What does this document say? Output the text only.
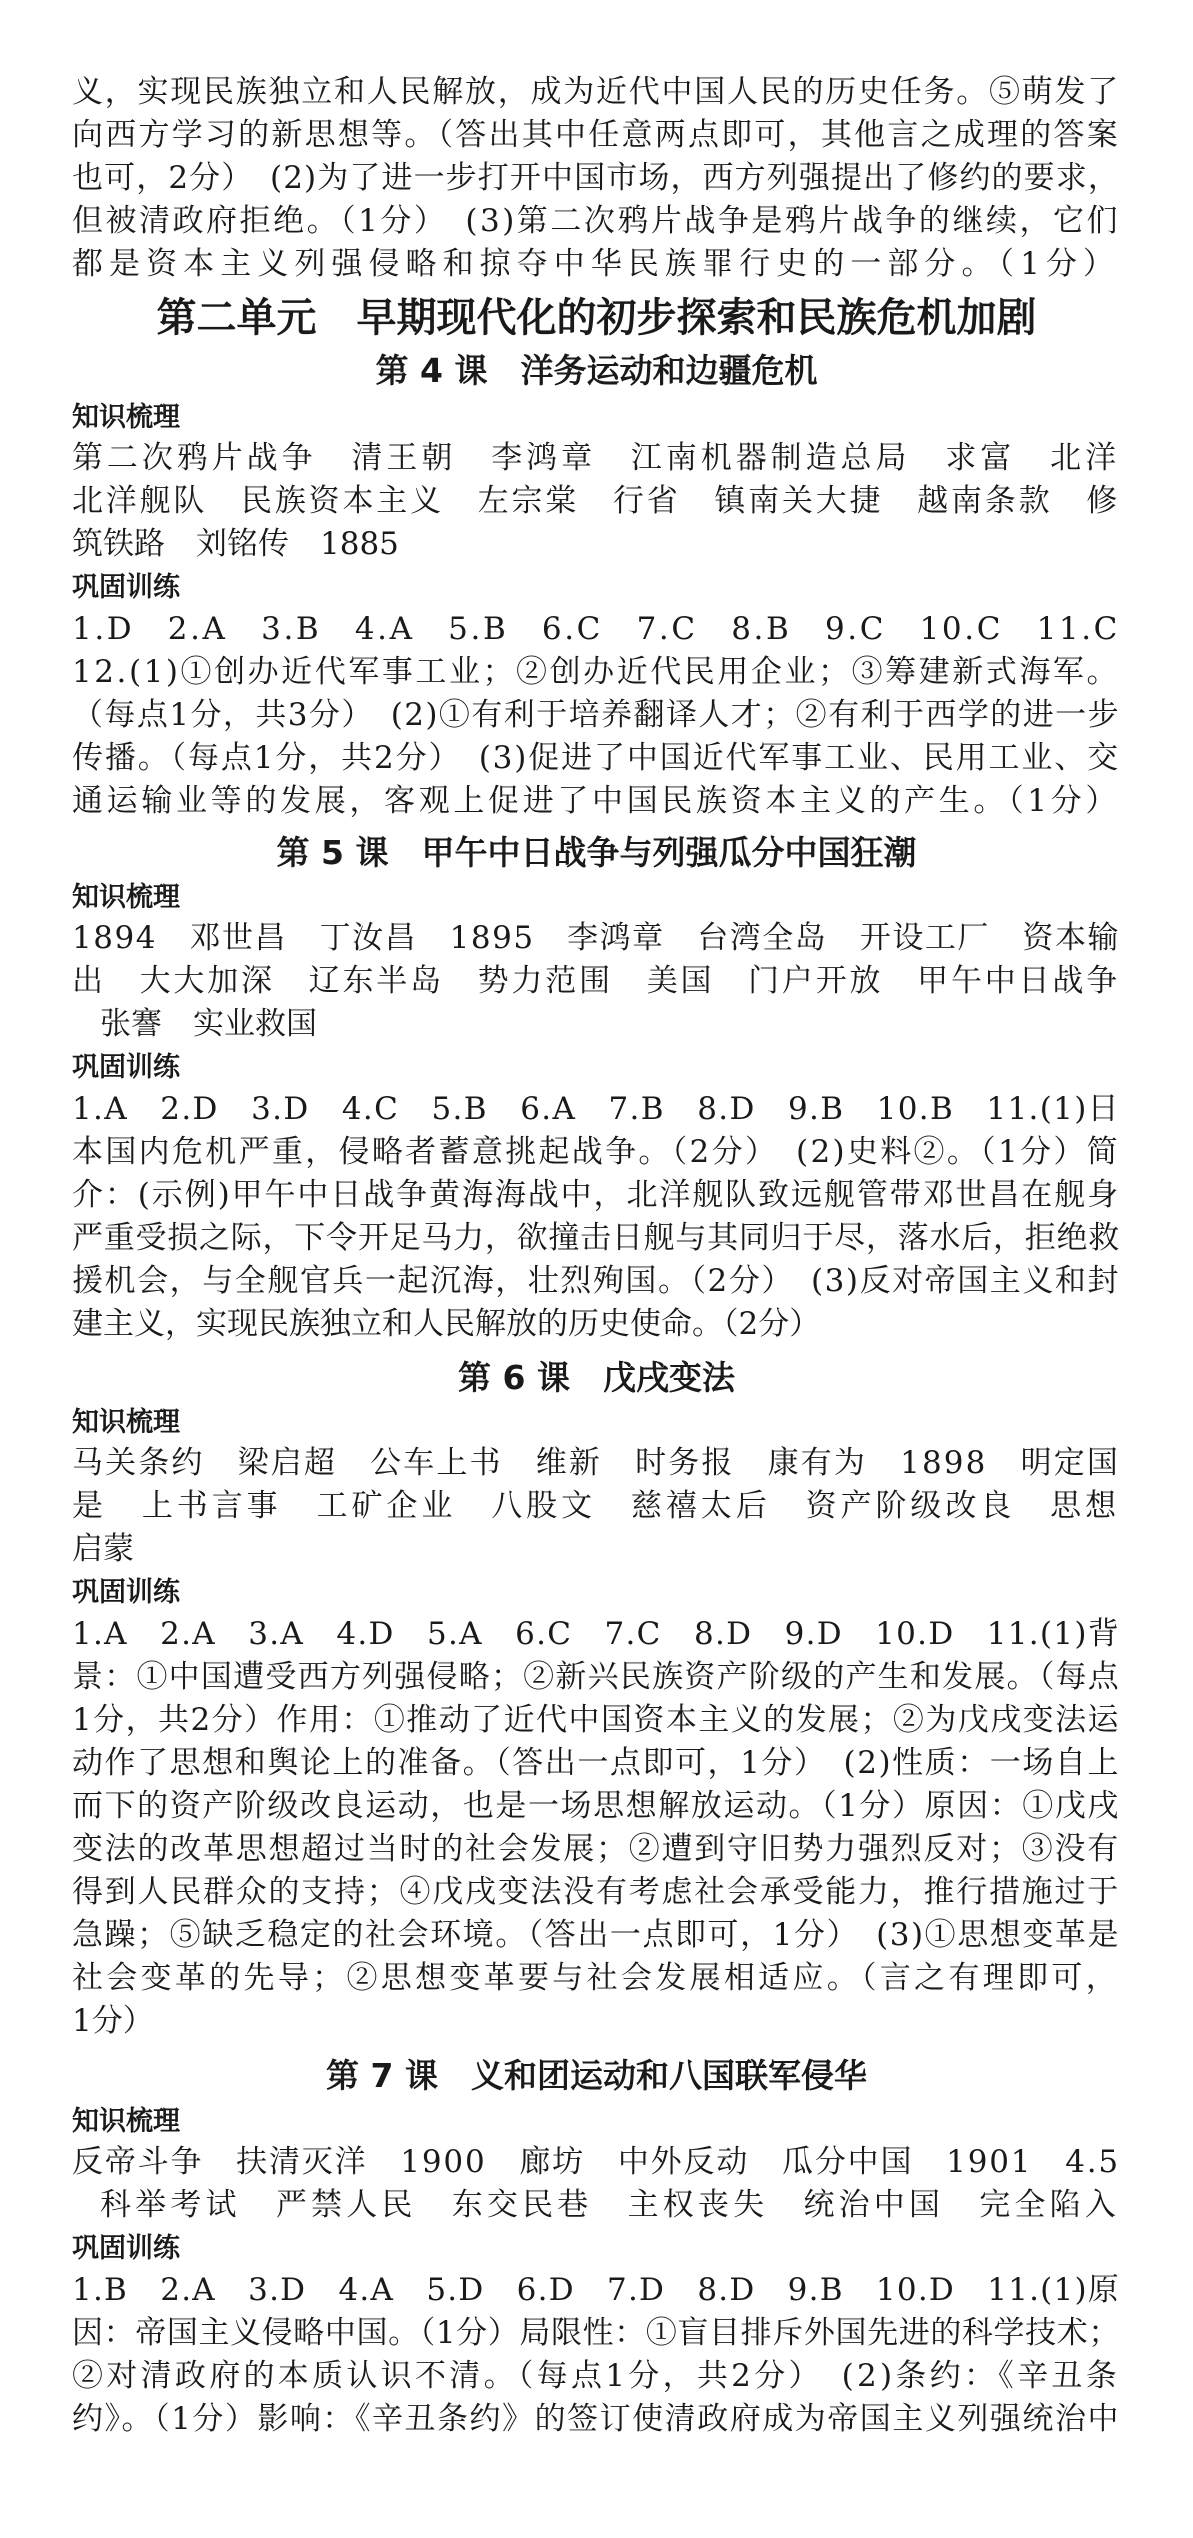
义，实现民族独立和人民解放，成为近代中国人民的历史任务。⑤萌发了
向西方学习的新思想等。（答出其中任意两点即可，其他言之成理的答案
也可，2分）　(2)为了进一步打开中国市场，西方列强提出了修约的要求，
但被清政府拒绝。（1分）　(3)第二次鸦片战争是鸦片战争的继续，它们
都是资本主义列强侵略和掠夺中华民族罪行史的一部分。（1分）
第二单元　早期现代化的初步探索和民族危机加剧
第 4 课　洋务运动和边疆危机
知识梳理
第二次鸦片战争　清王朝　李鸿章　江南机器制造总局　求富　北洋
北洋舰队　民族资本主义　左宗棠　行省　镇南关大捷　越南条款　修
筑铁路　刘铭传　1885
巩固训练
1.D　2.A　3.B　4.A　5.B　6.C　7.C　8.B　9.C　10.C　11.C
12.(1)①创办近代军事工业；②创办近代民用企业；③筹建新式海军。
（每点1分，共3分）　(2)①有利于培养翻译人才；②有利于西学的进一步
传播。（每点1分，共2分）　(3)促进了中国近代军事工业、民用工业、交
通运输业等的发展，客观上促进了中国民族资本主义的产生。（1分）
第 5 课　甲午中日战争与列强瓜分中国狂潮
知识梳理
1894　邓世昌　丁汝昌　1895　李鸿章　台湾全岛　开设工厂　资本输
出　大大加深　辽东半岛　势力范围　美国　门户开放　甲午中日战争
张謇　实业救国
巩固训练
1.A　2.D　3.D　4.C　5.B　6.A　7.B　8.D　9.B　10.B　11.(1)日
本国内危机严重，侵略者蓄意挑起战争。（2分）　(2)史料②。（1分）简
介：(示例)甲午中日战争黄海海战中，北洋舰队致远舰管带邓世昌在舰身
严重受损之际，下令开足马力，欲撞击日舰与其同归于尽，落水后，拒绝救
援机会，与全舰官兵一起沉海，壮烈殉国。（2分）　(3)反对帝国主义和封
建主义，实现民族独立和人民解放的历史使命。（2分）
第 6 课　戊戌变法
知识梳理
马关条约　梁启超　公车上书　维新　时务报　康有为　1898　明定国
是　上书言事　工矿企业　八股文　慈禧太后　资产阶级改良　思想
启蒙
巩固训练
1.A　2.A　3.A　4.D　5.A　6.C　7.C　8.D　9.D　10.D　11.(1)背
景：①中国遭受西方列强侵略；②新兴民族资产阶级的产生和发展。（每点
1分，共2分）作用：①推动了近代中国资本主义的发展；②为戊戌变法运
动作了思想和舆论上的准备。（答出一点即可，1分）　(2)性质：一场自上
而下的资产阶级改良运动，也是一场思想解放运动。（1分）原因：①戊戌
变法的改革思想超过当时的社会发展；②遭到守旧势力强烈反对；③没有
得到人民群众的支持；④戊戌变法没有考虑社会承受能力，推行措施过于
急躁；⑤缺乏稳定的社会环境。（答出一点即可，1分）　(3)①思想变革是
社会变革的先导；②思想变革要与社会发展相适应。（言之有理即可，
1分）
第 7 课　义和团运动和八国联军侵华
知识梳理
反帝斗争　扶清灭洋　1900　廊坊　中外反动　瓜分中国　1901　4.5
科举考试　严禁人民　东交民巷　主权丧失　统治中国　完全陷入
巩固训练
1.B　2.A　3.D　4.A　5.D　6.D　7.D　8.D　9.B　10.D　11.(1)原
因：帝国主义侵略中国。（1分）局限性：①盲目排斥外国先进的科学技术；
②对清政府的本质认识不清。（每点1分，共2分）　(2)条约：《辛丑条
约》。（1分）影响：《辛丑条约》的签订使清政府成为帝国主义列强统治中
